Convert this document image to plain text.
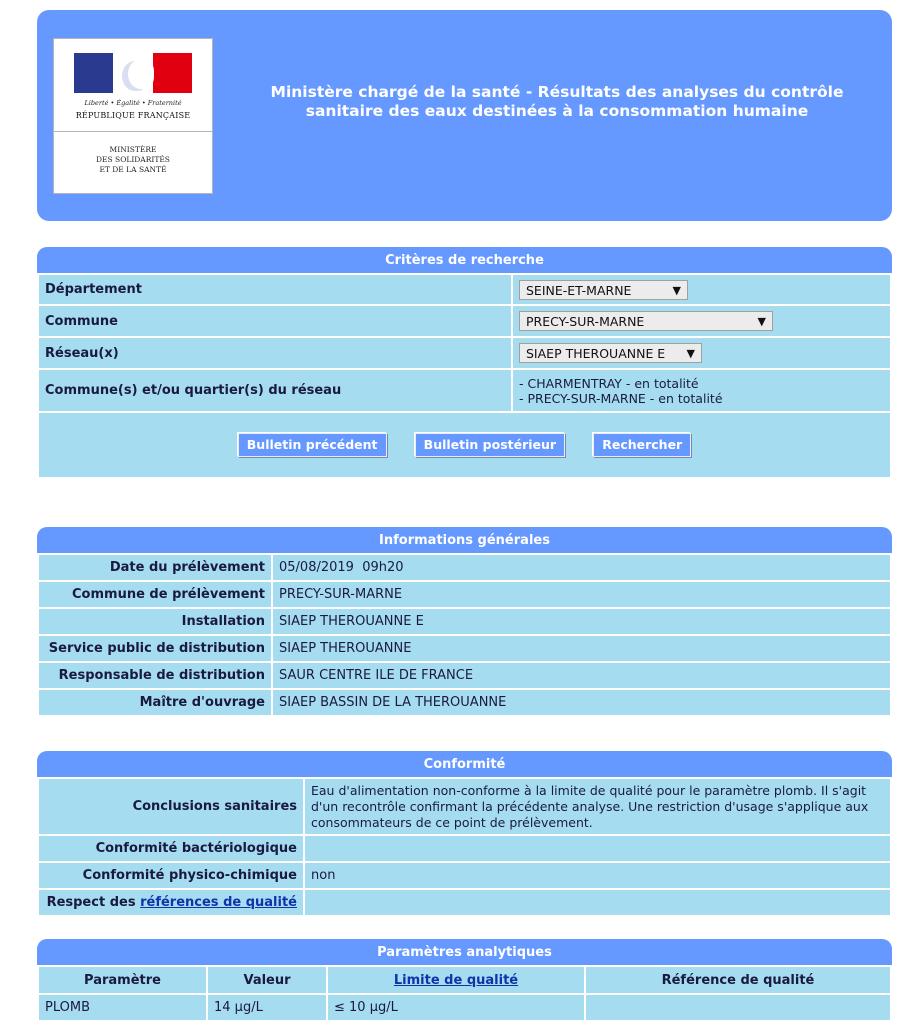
Liberté • Égalité • Fraternité
RÉPUBLIQUE FRANÇAISE
MINISTÈRE
DES SOLIDARITÉS
ET DE LA SANTÉ
Ministère chargé de la santé - Résultats des analyses du contrôle sanitaire des eaux destinées à la consommation humaine
Critères de recherche
Département	SEINE-ET-MARNE ▼

Commune	PRECY-SUR-MARNE ▼

Réseau(x)	SIAEP THEROUANNE E ▼

Commune(s) et/ou quartier(s) du réseau	- CHARMENTRAY - en totalité
- PRECY-SUR-MARNE - en totalité

Bulletin précédent Bulletin postérieur Rechercher	
Informations générales
Date du prélèvement	05/08/2019  09h20
Commune de prélèvement	PRECY-SUR-MARNE
Installation	SIAEP THEROUANNE E
Service public de distribution	SIAEP THEROUANNE
Responsable de distribution	SAUR CENTRE ILE DE FRANCE
Maître d'ouvrage	SIAEP BASSIN DE LA THEROUANNE
Conformité
Conclusions sanitaires	Eau d'alimentation non-conforme à la limite de qualité pour le paramètre plomb. Il s'agit d'un recontrôle confirmant la précédente analyse. Une restriction d'usage s'applique aux consommateurs de ce point de prélèvement.
Conformité bactériologique	
Conformité physico-chimique	non
Respect des références de qualité	
Paramètres analytiques
Paramètre	Valeur	Limite de qualité	Référence de qualité
PLOMB	14 µg/L	≤ 10 µg/L	
